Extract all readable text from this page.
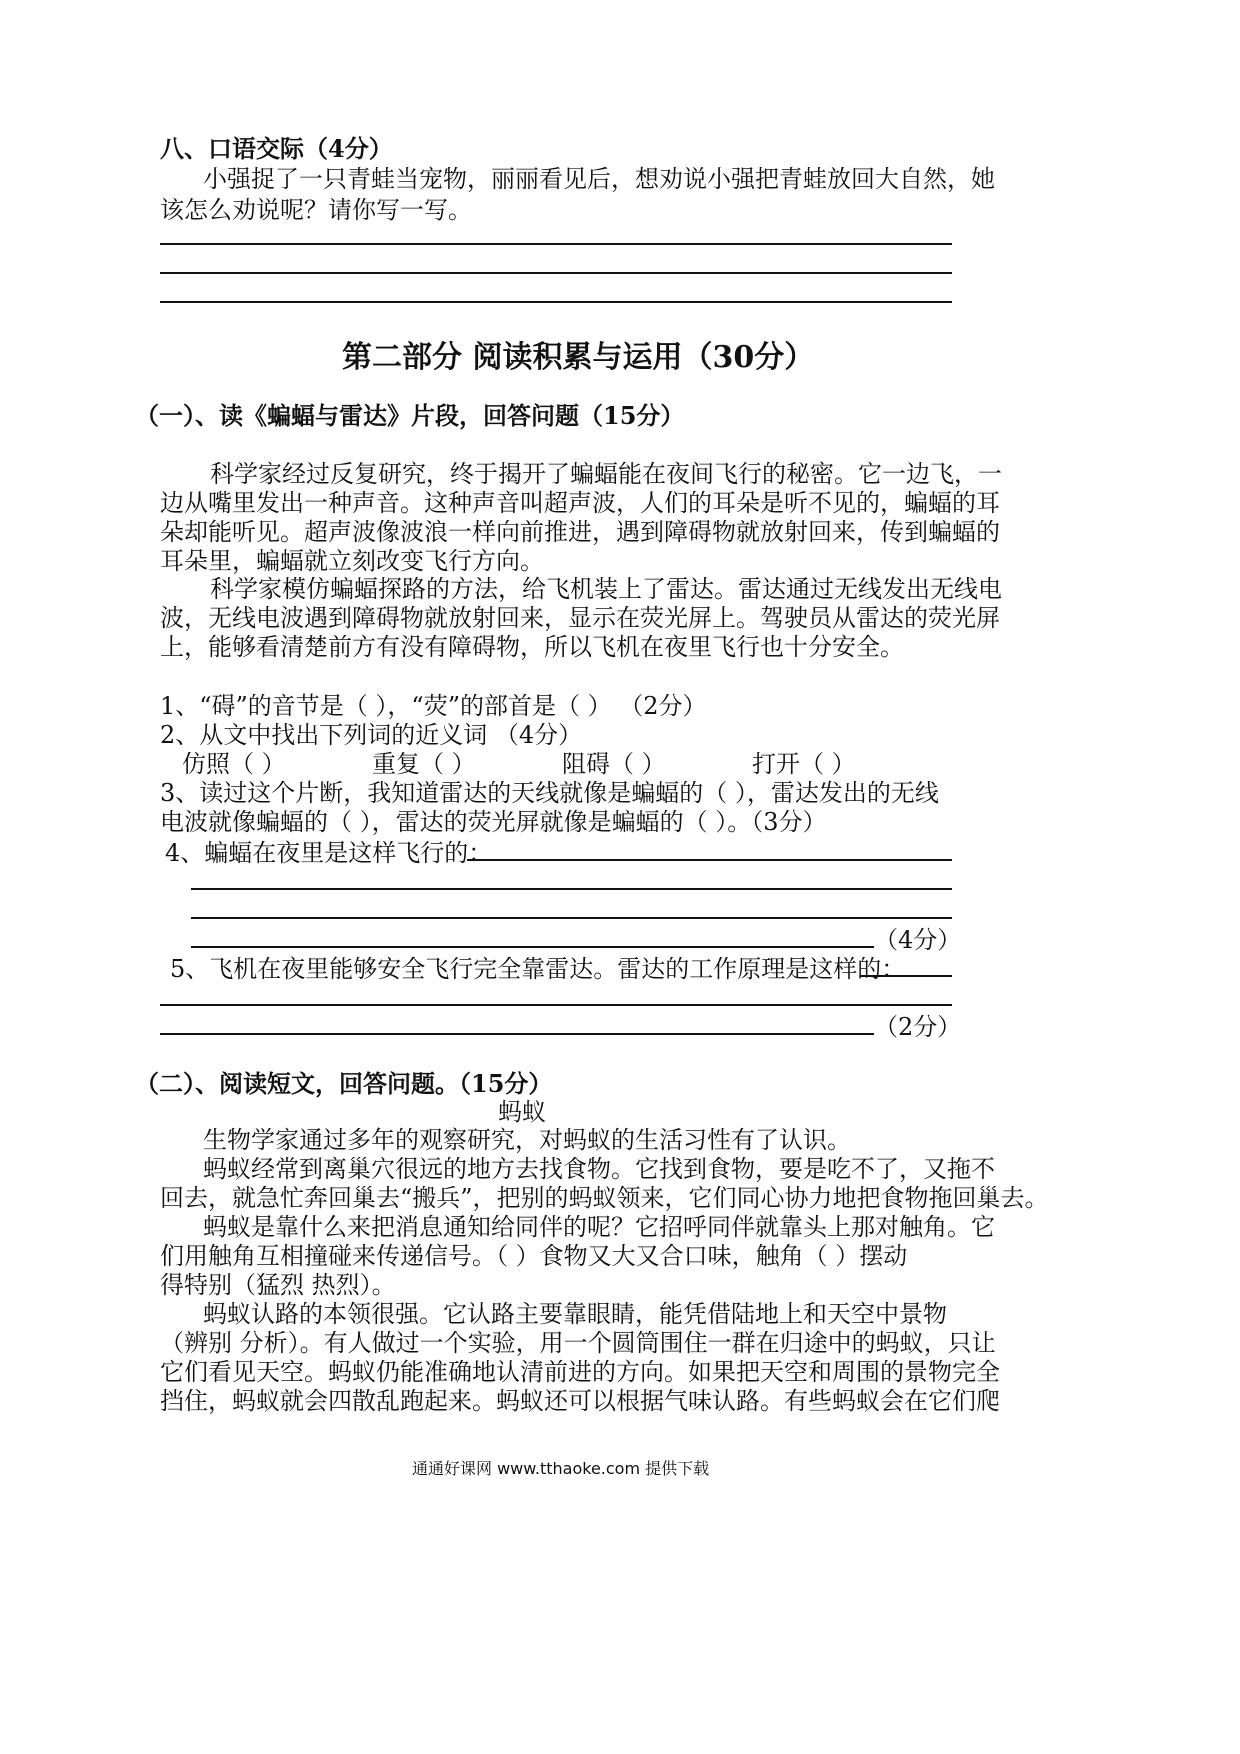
八、口语交际（4分）
小强捉了一只青蛙当宠物，丽丽看见后，想劝说小强把青蛙放回大自然，她
该怎么劝说呢？请你写一写。
第二部分 阅读积累与运用（30分）
（一）、读《蝙蝠与雷达》片段，回答问题（15分）
科学家经过反复研究，终于揭开了蝙蝠能在夜间飞行的秘密。它一边飞，一
边从嘴里发出一种声音。这种声音叫超声波，人们的耳朵是听不见的，蝙蝠的耳
朵却能听见。超声波像波浪一样向前推进，遇到障碍物就放射回来，传到蝙蝠的
耳朵里，蝙蝠就立刻改变飞行方向。
科学家模仿蝙蝠探路的方法，给飞机装上了雷达。雷达通过无线发出无线电
波，无线电波遇到障碍物就放射回来，显示在荧光屏上。驾驶员从雷达的荧光屏
上，能够看清楚前方有没有障碍物，所以飞机在夜里飞行也十分安全。
1、“碍”的音节是（ ），“荧”的部首是（ ） （2分）
2、从文中找出下列词的近义词 （4分）
仿照（ ）	重复（ ）	阻碍（ ）	打开（ ）
3、读过这个片断，我知道雷达的天线就像是蝙蝠的（ ），雷达发出的无线
电波就像蝙蝠的（ ），雷达的荧光屏就像是蝙蝠的（ ）。（3分）
4、蝙蝠在夜里是这样飞行的：
（4分）
5、飞机在夜里能够安全飞行完全靠雷达。雷达的工作原理是这样的：
（2分）
（二）、阅读短文，回答问题。（15分）
蚂蚁
生物学家通过多年的观察研究，对蚂蚁的生活习性有了认识。
蚂蚁经常到离巢穴很远的地方去找食物。它找到食物，要是吃不了，又拖不
回去，就急忙奔回巢去“搬兵”，把别的蚂蚁领来，它们同心协力地把食物拖回巢去。
蚂蚁是靠什么来把消息通知给同伴的呢？它招呼同伴就靠头上那对触角。它
们用触角互相撞碰来传递信号。（ ）食物又大又合口味，触角（ ）摆动
得特别（猛烈 热烈）。
蚂蚁认路的本领很强。它认路主要靠眼睛，能凭借陆地上和天空中景物
（辨别 分析）。有人做过一个实验，用一个圆筒围住一群在归途中的蚂蚁，只让
它们看见天空。蚂蚁仍能准确地认清前进的方向。如果把天空和周围的景物完全
挡住，蚂蚁就会四散乱跑起来。蚂蚁还可以根据气味认路。有些蚂蚁会在它们爬
通通好课网 www.tthaoke.com 提供下载
